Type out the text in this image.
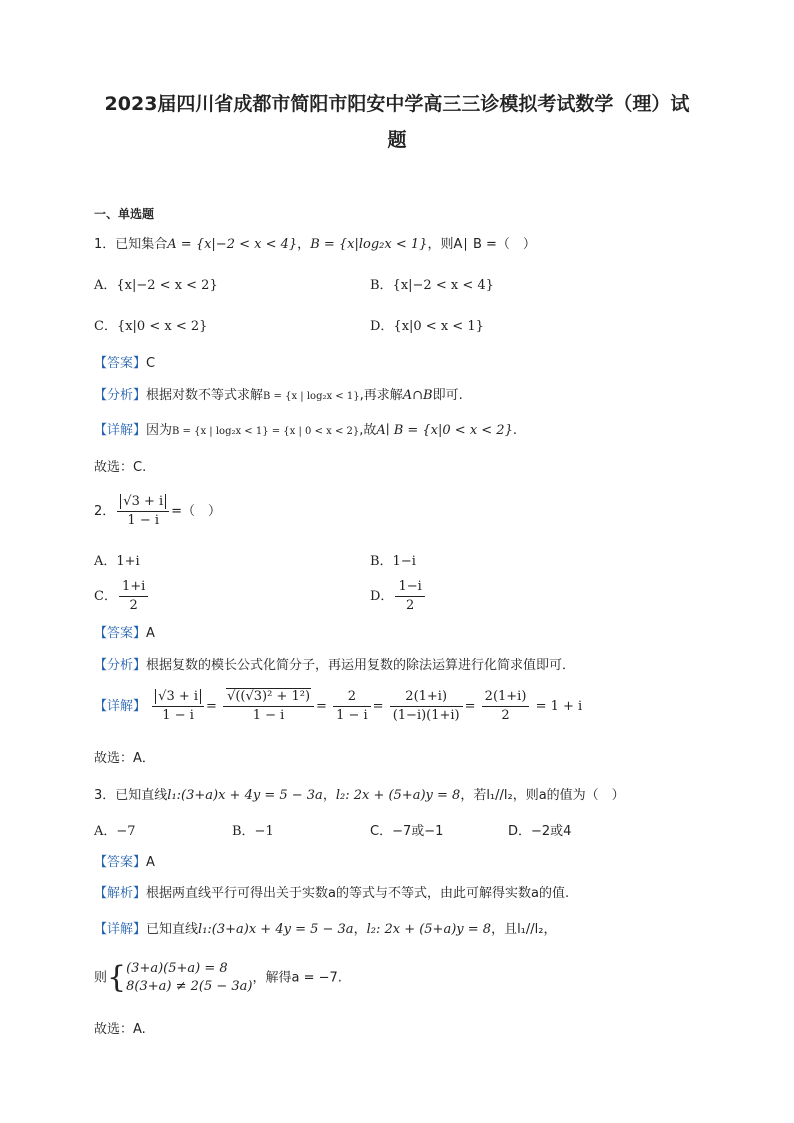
2023届四川省成都市简阳市阳安中学高三三诊模拟考试数学（理）试
题
一、单选题
1．已知集合A = {x|−2 < x < 4}，B = {x|log₂x < 1}，则A∣ B =（　）
A．{x|−2 < x < 2}	B．{x|−2 < x < 4}
C．{x|0 < x < 2}	D．{x|0 < x < 1}
【答案】C
【分析】根据对数不等式求解B = {x | log₂x < 1},再求解A∩B即可.
【详解】因为B = {x | log₂x < 1} = {x | 0 < x < 2},故A∣ B = {x|0 < x < 2}.
故选：C.
2． $\frac{√3 + i}{1 - i}$ =（　）
A．1+i	B．1−i
C． $\frac{1+i}{2}$	D． $\frac{1-i}{2}$
【答案】A
【分析】根据复数的模长公式化简分子，再运用复数的除法运算进行化简求值即可．
【详解】 $\frac{√3 + i}{1 - i} = \frac{\text{√((√3)² + 1²)}}{1 - i} = \frac{2}{1 - i} = \frac{2(1+i)}{(1-i)(1+i)} = \frac{2(1+i)}{2} = 1 + i$
故选：A．
3．已知直线l₁:(3+a)x + 4y = 5 − 3a，l₂: 2x + (5+a)y = 8，若l₁//l₂，则a的值为（　）
A．−7	B．−1	C．−7或−1	D．−2或4
【答案】A
【解析】根据两直线平行可得出关于实数a的等式与不等式，由此可解得实数a的值.
【详解】已知直线l₁:(3+a)x + 4y = 5 − 3a，l₂: 2x + (5+a)y = 8，且l₁//l₂，
则{ (3+a)(5+a) = 8
8(3+a) ≠ 2(5 − 3a)
，解得a = −7.
故选：A.
